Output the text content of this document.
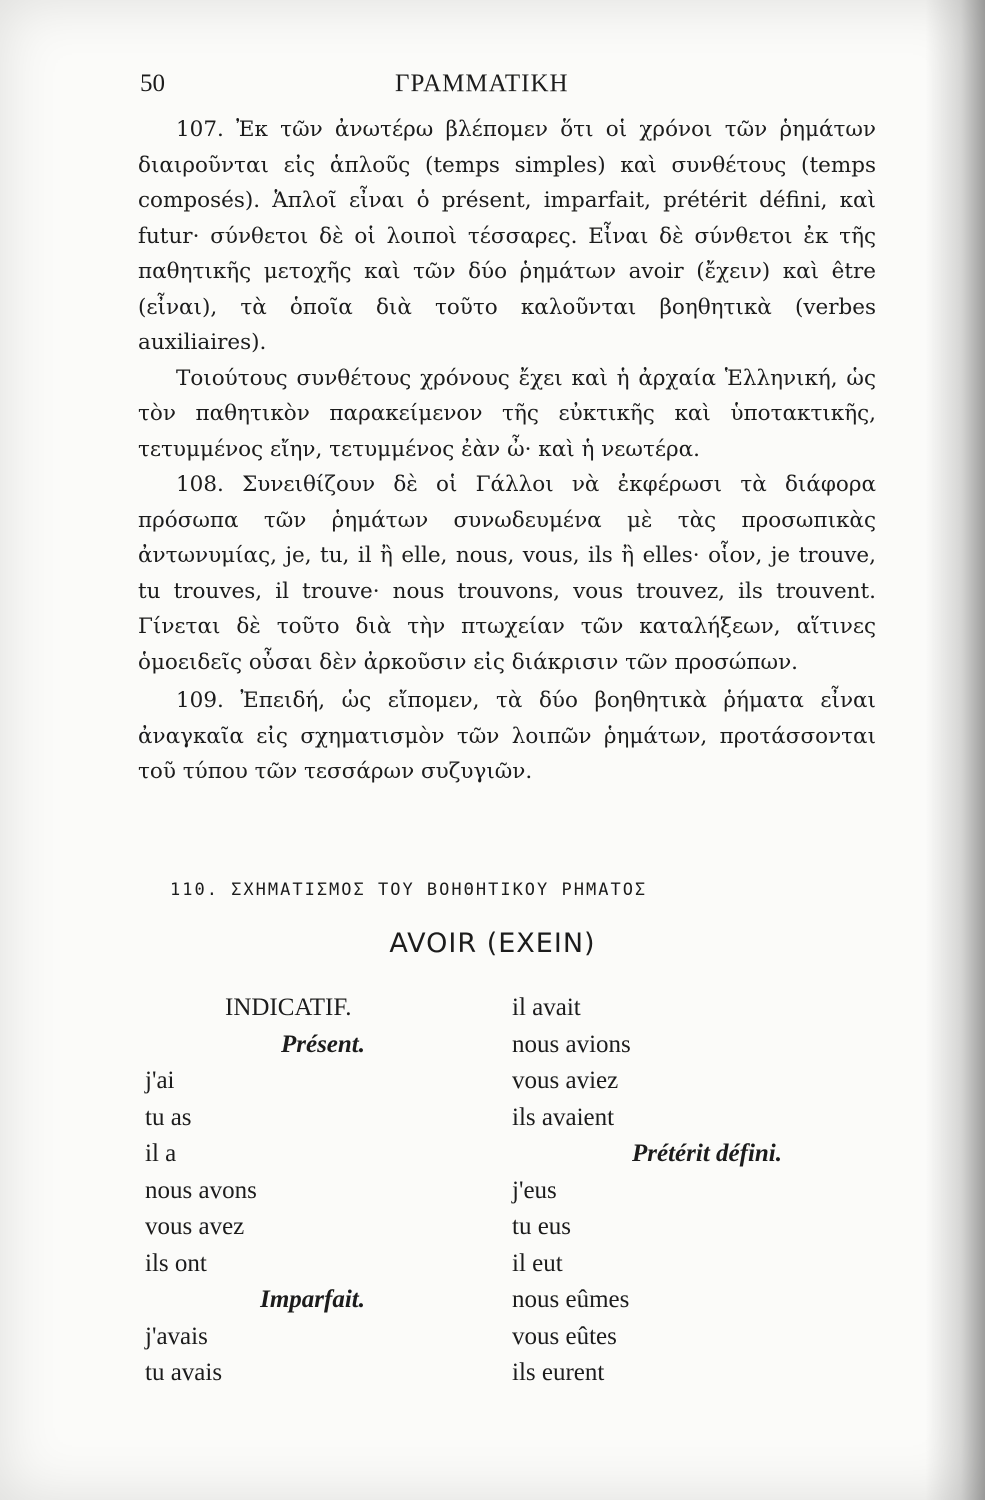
50	ΓΡΑΜΜΑΤΙΚΗ

107. Ἐκ τῶν ἀνωτέρω βλέπομεν ὅτι οἱ χρόνοι τῶν ῥημάτων διαιροῦνται εἰς ἁπλοῦς (temps simples) καὶ συνθέτους (temps composés). Ἁπλοῖ εἶναι ὁ présent, imparfait, prétérit défini, καὶ futur· σύνθετοι δὲ οἱ λοιποὶ τέσσαρες. Εἶναι δὲ σύνθετοι ἐκ τῆς παθητικῆς μετοχῆς καὶ τῶν δύο ῥημάτων avoir (ἔχειν) καὶ être (εἶναι), τὰ ὁποῖα διὰ τοῦτο καλοῦνται βοηθητικὰ (verbes auxiliaires).

Τοιούτους συνθέτους χρόνους ἔχει καὶ ἡ ἀρχαία Ἑλληνική, ὡς τὸν παθητικὸν παρακείμενον τῆς εὐκτικῆς καὶ ὑποτακτικῆς, τετυμμένος εἴην, τετυμμένος ἐὰν ὦ· καὶ ἡ νεωτέρα.

108. Συνειθίζουν δὲ οἱ Γάλλοι νὰ ἐκφέρωσι τὰ διάφορα πρόσωπα τῶν ῥημάτων συνωδευμένα μὲ τὰς προσωπικὰς ἀντωνυμίας, je, tu, il ἢ elle, nous, vous, ils ἢ elles· οἷον, je trouve, tu trouves, il trouve· nous trouvons, vous trouvez, ils trouvent. Γίνεται δὲ τοῦτο διὰ τὴν πτωχείαν τῶν καταλήξεων, αἵτινες ὁμοειδεῖς οὖσαι δὲν ἀρκοῦσιν εἰς διάκρισιν τῶν προσώπων.

109. Ἐπειδή, ὡς εἴπομεν, τὰ δύο βοηθητικὰ ῥήματα εἶναι ἀναγκαῖα εἰς σχηματισμὸν τῶν λοιπῶν ῥημάτων, προτάσσονται τοῦ τύπου τῶν τεσσάρων συζυγιῶν.

110. ΣΧΗΜΑΤΙΣΜΟΣ ΤΟΥ ΒΟΗΘΗΤΙΚΟΥ ΡΗΜΑΤΟΣ
AVOIR (ΕΧΕΙΝ)
INDICATIF.
Présent.
j'ai
tu as
il a
nous avons
vous avez
ils ont
Imparfait.
j'avais
tu avais
il avait
nous avions
vous aviez
ils avaient
Prétérit défini.
j'eus
tu eus
il eut
nous eûmes
vous eûtes
ils eurent
